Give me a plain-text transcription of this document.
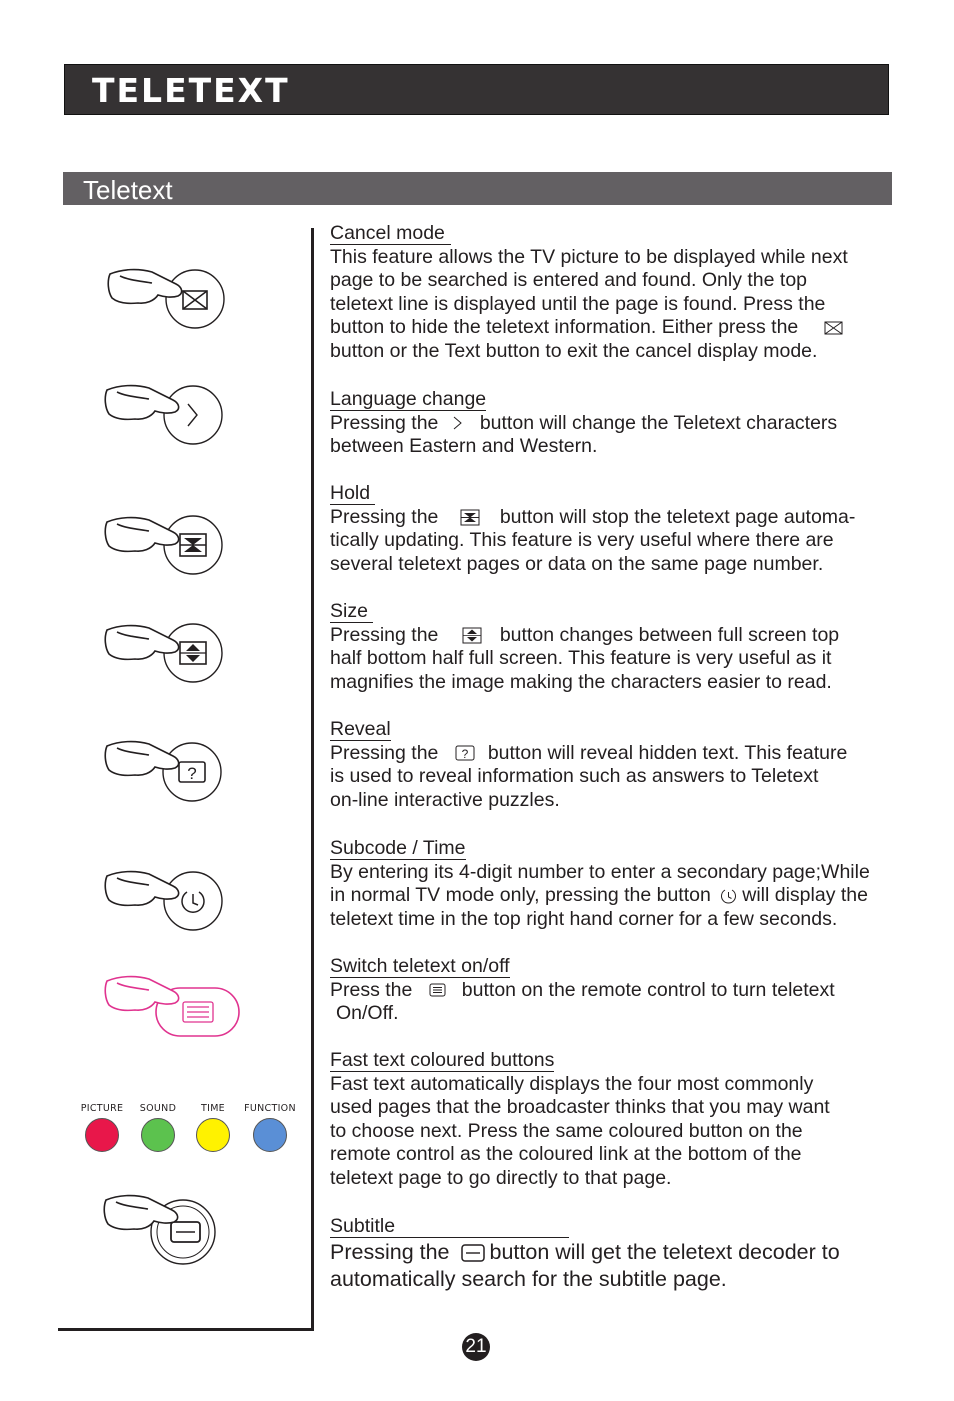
TELETEXT
Teletext
?
PICTURE	SOUND	TIME	FUNCTION
Cancel mode

This feature allows the TV picture to be displayed while next

page to be searched is entered and found. Only the top

teletext line is displayed until the page is found. Press the

button to hide the teletext information. Either press the

button or the Text button to exit the cancel display mode.

Language change

Pressing the button will change the Teletext characters

between Eastern and Western.

Hold

Pressing the	button will stop the teletext page automa-

tically updating. This feature is very useful where there are

several teletext pages or data on the same page number.

Size

Pressing the	button changes between full screen top

half bottom half full screen. This feature is very useful as it

magnifies the image making the characters easier to read.

Reveal

Pressing the ? button will reveal hidden text. This feature

is used to reveal information such as answers to Teletext

on-line interactive puzzles.

Subcode / Time

By entering its 4-digit number to enter a secondary page;While

in normal TV mode only, pressing the button will display the

teletext time in the top right hand corner for a few seconds.

Switch teletext on/off

Press the	button on the remote control to turn teletext

On/Off.

Fast text coloured buttons

Fast text automatically displays the four most commonly

used pages that the broadcaster thinks that you may want

to choose next. Press the same coloured button on the

remote control as the coloured link at the bottom of the

teletext page to go directly to that page.

Subtitle

Pressing the button will get the teletext decoder to

automatically search for the subtitle page.

21
